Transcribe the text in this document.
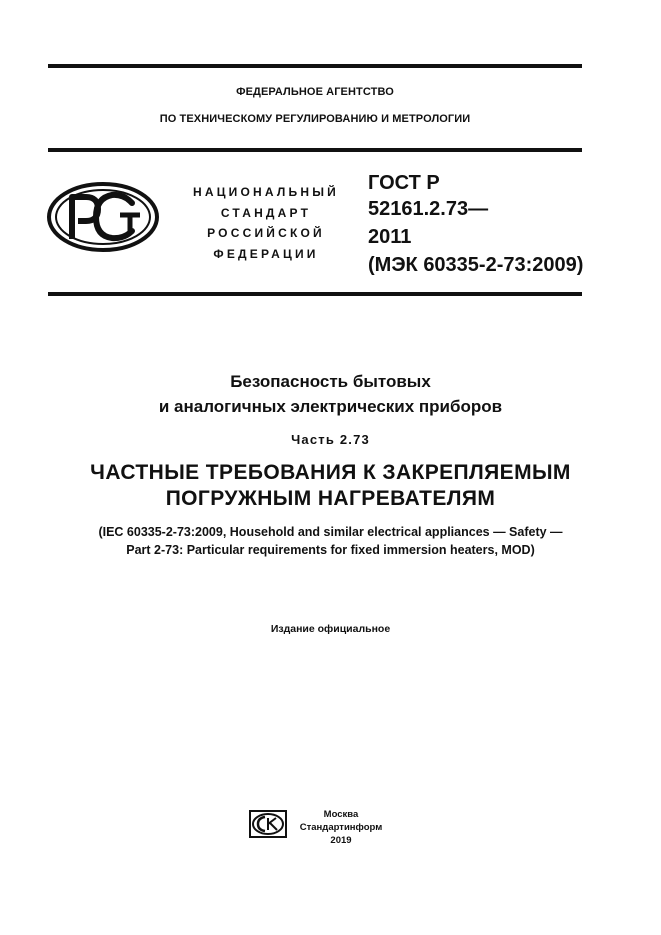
ФЕДЕРАЛЬНОЕ АГЕНТСТВО
ПО ТЕХНИЧЕСКОМУ РЕГУЛИРОВАНИЮ И МЕТРОЛОГИИ
НАЦИОНАЛЬНЫЙ
СТАНДАРТ
РОССИЙСКОЙ
ФЕДЕРАЦИИ
ГОСТ Р
52161.2.73—
2011
(МЭК 60335-2-73:2009)
Безопасность бытовых
и аналогичных электрических приборов
Часть 2.73
ЧАСТНЫЕ ТРЕБОВАНИЯ К ЗАКРЕПЛЯЕМЫМ
ПОГРУЖНЫМ НАГРЕВАТЕЛЯМ
(IEC 60335-2-73:2009, Household and similar electrical appliances — Safety —
Part 2-73: Particular requirements for fixed immersion heaters, MOD)
Издание официальное
Москва
Стандартинформ
2019
